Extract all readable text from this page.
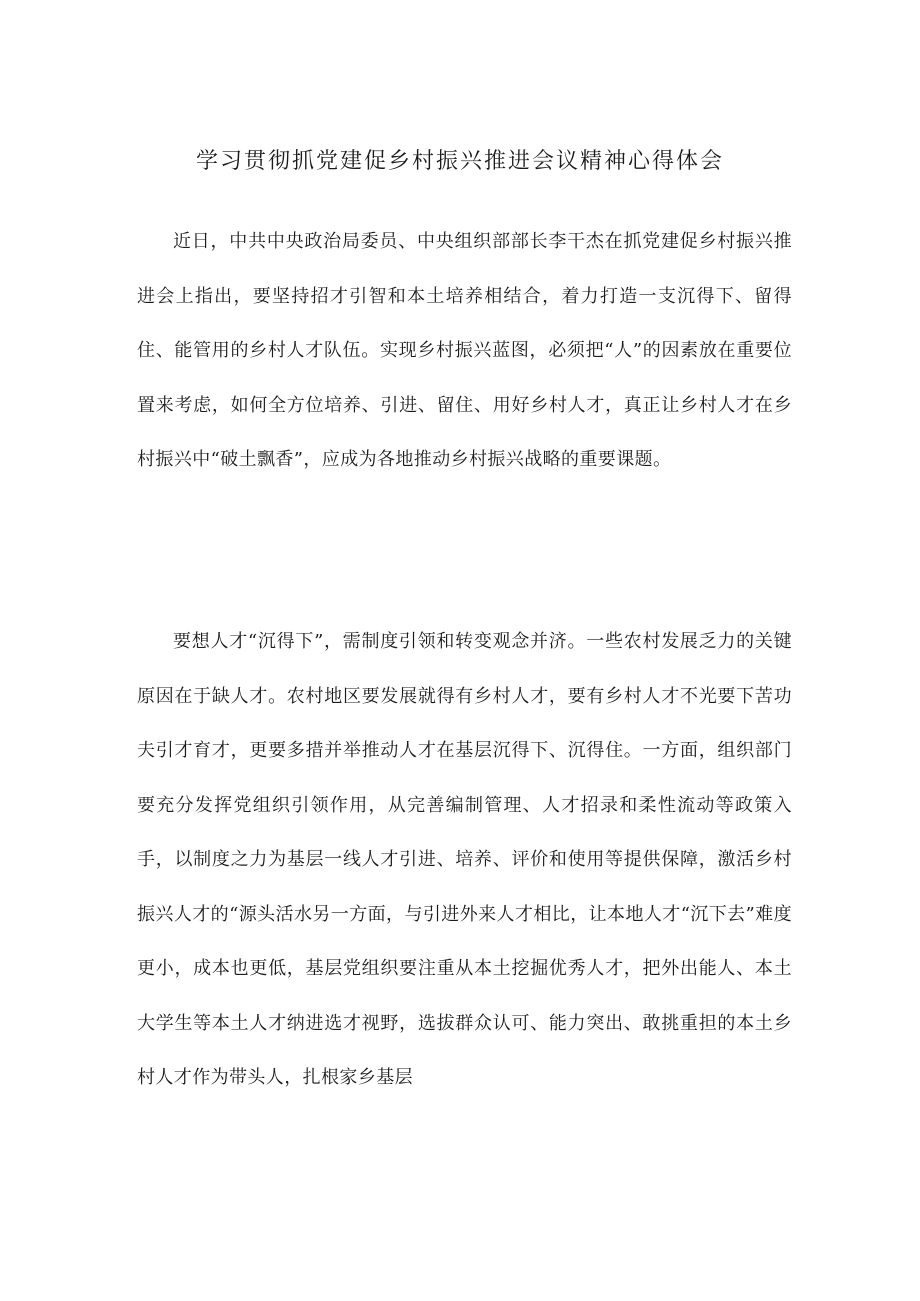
学习贯彻抓党建促乡村振兴推进会议精神心得体会

近日，中共中央政治局委员、中央组织部部长李干杰在抓党建促乡村振兴推进会上指出，要坚持招才引智和本土培养相结合，着力打造一支沉得下、留得住、能管用的乡村人才队伍。实现乡村振兴蓝图，必须把“人”的因素放在重要位置来考虑，如何全方位培养、引进、留住、用好乡村人才，真正让乡村人才在乡村振兴中“破土飘香”，应成为各地推动乡村振兴战略的重要课题。

要想人才“沉得下”，需制度引领和转变观念并济。一些农村发展乏力的关键原因在于缺人才。农村地区要发展就得有乡村人才，要有乡村人才不光要下苦功夫引才育才，更要多措并举推动人才在基层沉得下、沉得住。一方面，组织部门要充分发挥党组织引领作用，从完善编制管理、人才招录和柔性流动等政策入手，以制度之力为基层一线人才引进、培养、评价和使用等提供保障，激活乡村振兴人才的“源头活水另一方面，与引进外来人才相比，让本地人才“沉下去”难度更小，成本也更低，基层党组织要注重从本土挖掘优秀人才，把外出能人、本土大学生等本土人才纳进选才视野，选拔群众认可、能力突出、敢挑重担的本土乡村人才作为带头人，扎根家乡基层
